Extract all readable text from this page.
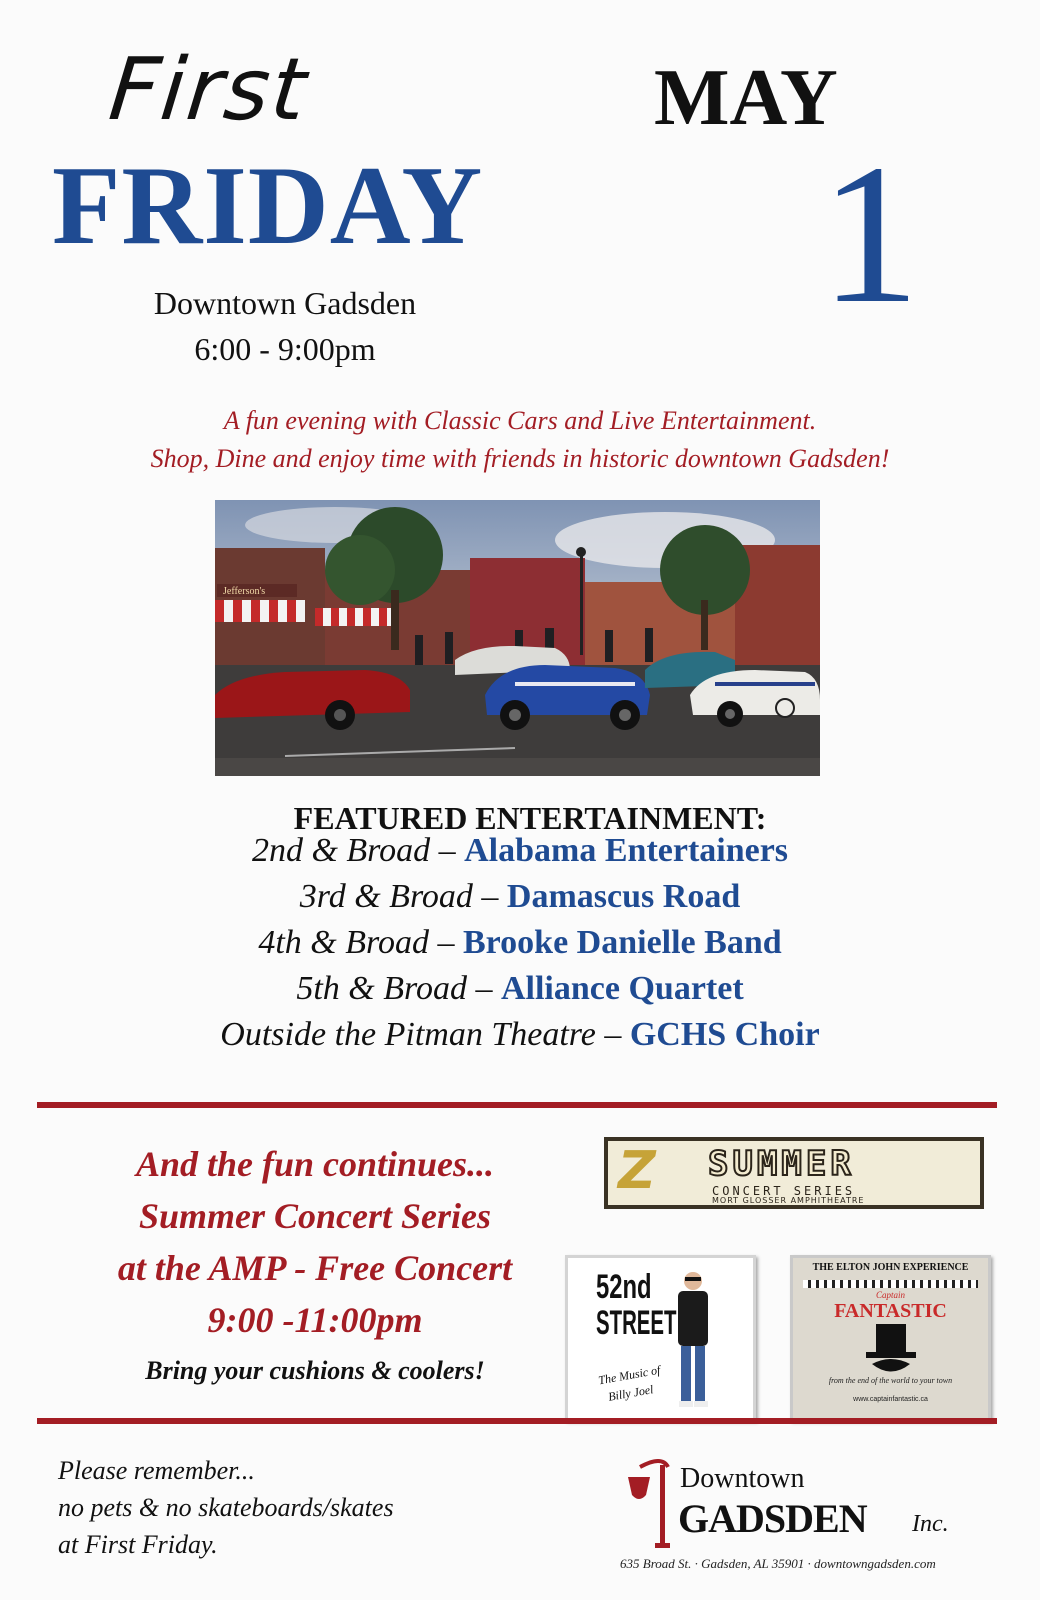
First
FRIDAY
MAY
1
Downtown Gadsden
6:00 - 9:00pm
A fun evening with Classic Cars and Live Entertainment.
Shop, Dine and enjoy time with friends in historic downtown Gadsden!
Jefferson's
FEATURED ENTERTAINMENT:
2nd & Broad – Alabama Entertainers
3rd & Broad – Damascus Road
4th & Broad – Brooke Danielle Band
5th & Broad – Alliance Quartet
Outside the Pitman Theatre – GCHS Choir
And the fun continues...
Summer Concert Series
at the AMP - Free Concert
9:00 -11:00pm
Bring your cushions & coolers!
Z SUMMER
CONCERT SERIES
MORT GLOSSER AMPHITHEATRE
52nd
STREET
The Music of
Billy Joel
THE ELTON JOHN EXPERIENCE
Captain
FANTASTIC
from the end of the world to your town
www.captainfantastic.ca
Please remember...
no pets & no skateboards/skates
at First Friday.
Downtown
GADSDEN Inc.
635 Broad St. · Gadsden, AL 35901 · downtowngadsden.com
